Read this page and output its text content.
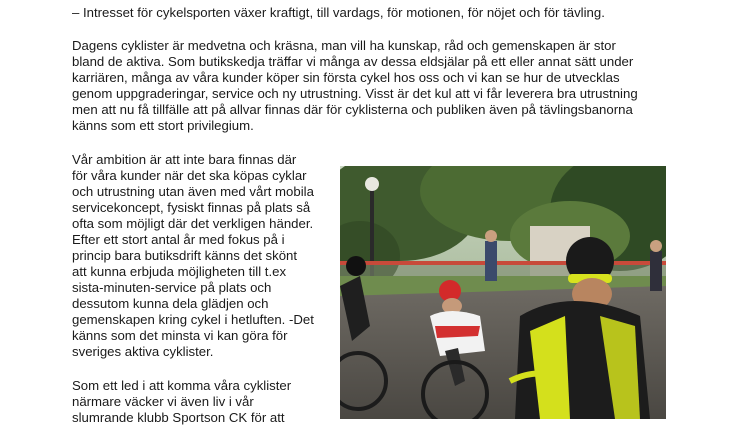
– Intresset för cykelsporten växer kraftigt, till vardags, för motionen, för nöjet och för tävling.
Dagens cyklister är medvetna och kräsna, man vill ha kunskap, råd och gemenskapen är stor
bland de aktiva. Som butikskedja träffar vi många av dessa eldsjälar på ett eller annat sätt under
karriären, många av våra kunder köper sin första cykel hos oss och vi kan se hur de utvecklas
genom uppgraderingar, service och ny utrustning. Visst är det kul att vi får leverera bra utrustning
men att nu få tillfälle att på allvar finnas där för cyklisterna och publiken även på tävlingsbanorna
känns som ett stort privilegium.
Vår ambition är att inte bara finnas där
för våra kunder när det ska köpas cyklar
och utrustning utan även med vårt mobila
servicekoncept, fysiskt finnas på plats så
ofta som möjligt där det verkligen händer.
Efter ett stort antal år med fokus på i
princip bara butiksdrift känns det skönt
att kunna erbjuda möjligheten till t.ex
sista-minuten-service på plats och
dessutom kunna dela glädjen och
gemenskapen kring cykel i hetluften. -Det
känns som det minsta vi kan göra för
sveriges aktiva cyklister.
Som ett led i att komma våra cyklister
närmare väcker vi även liv i vår
slumrande klubb Sportson CK för att
